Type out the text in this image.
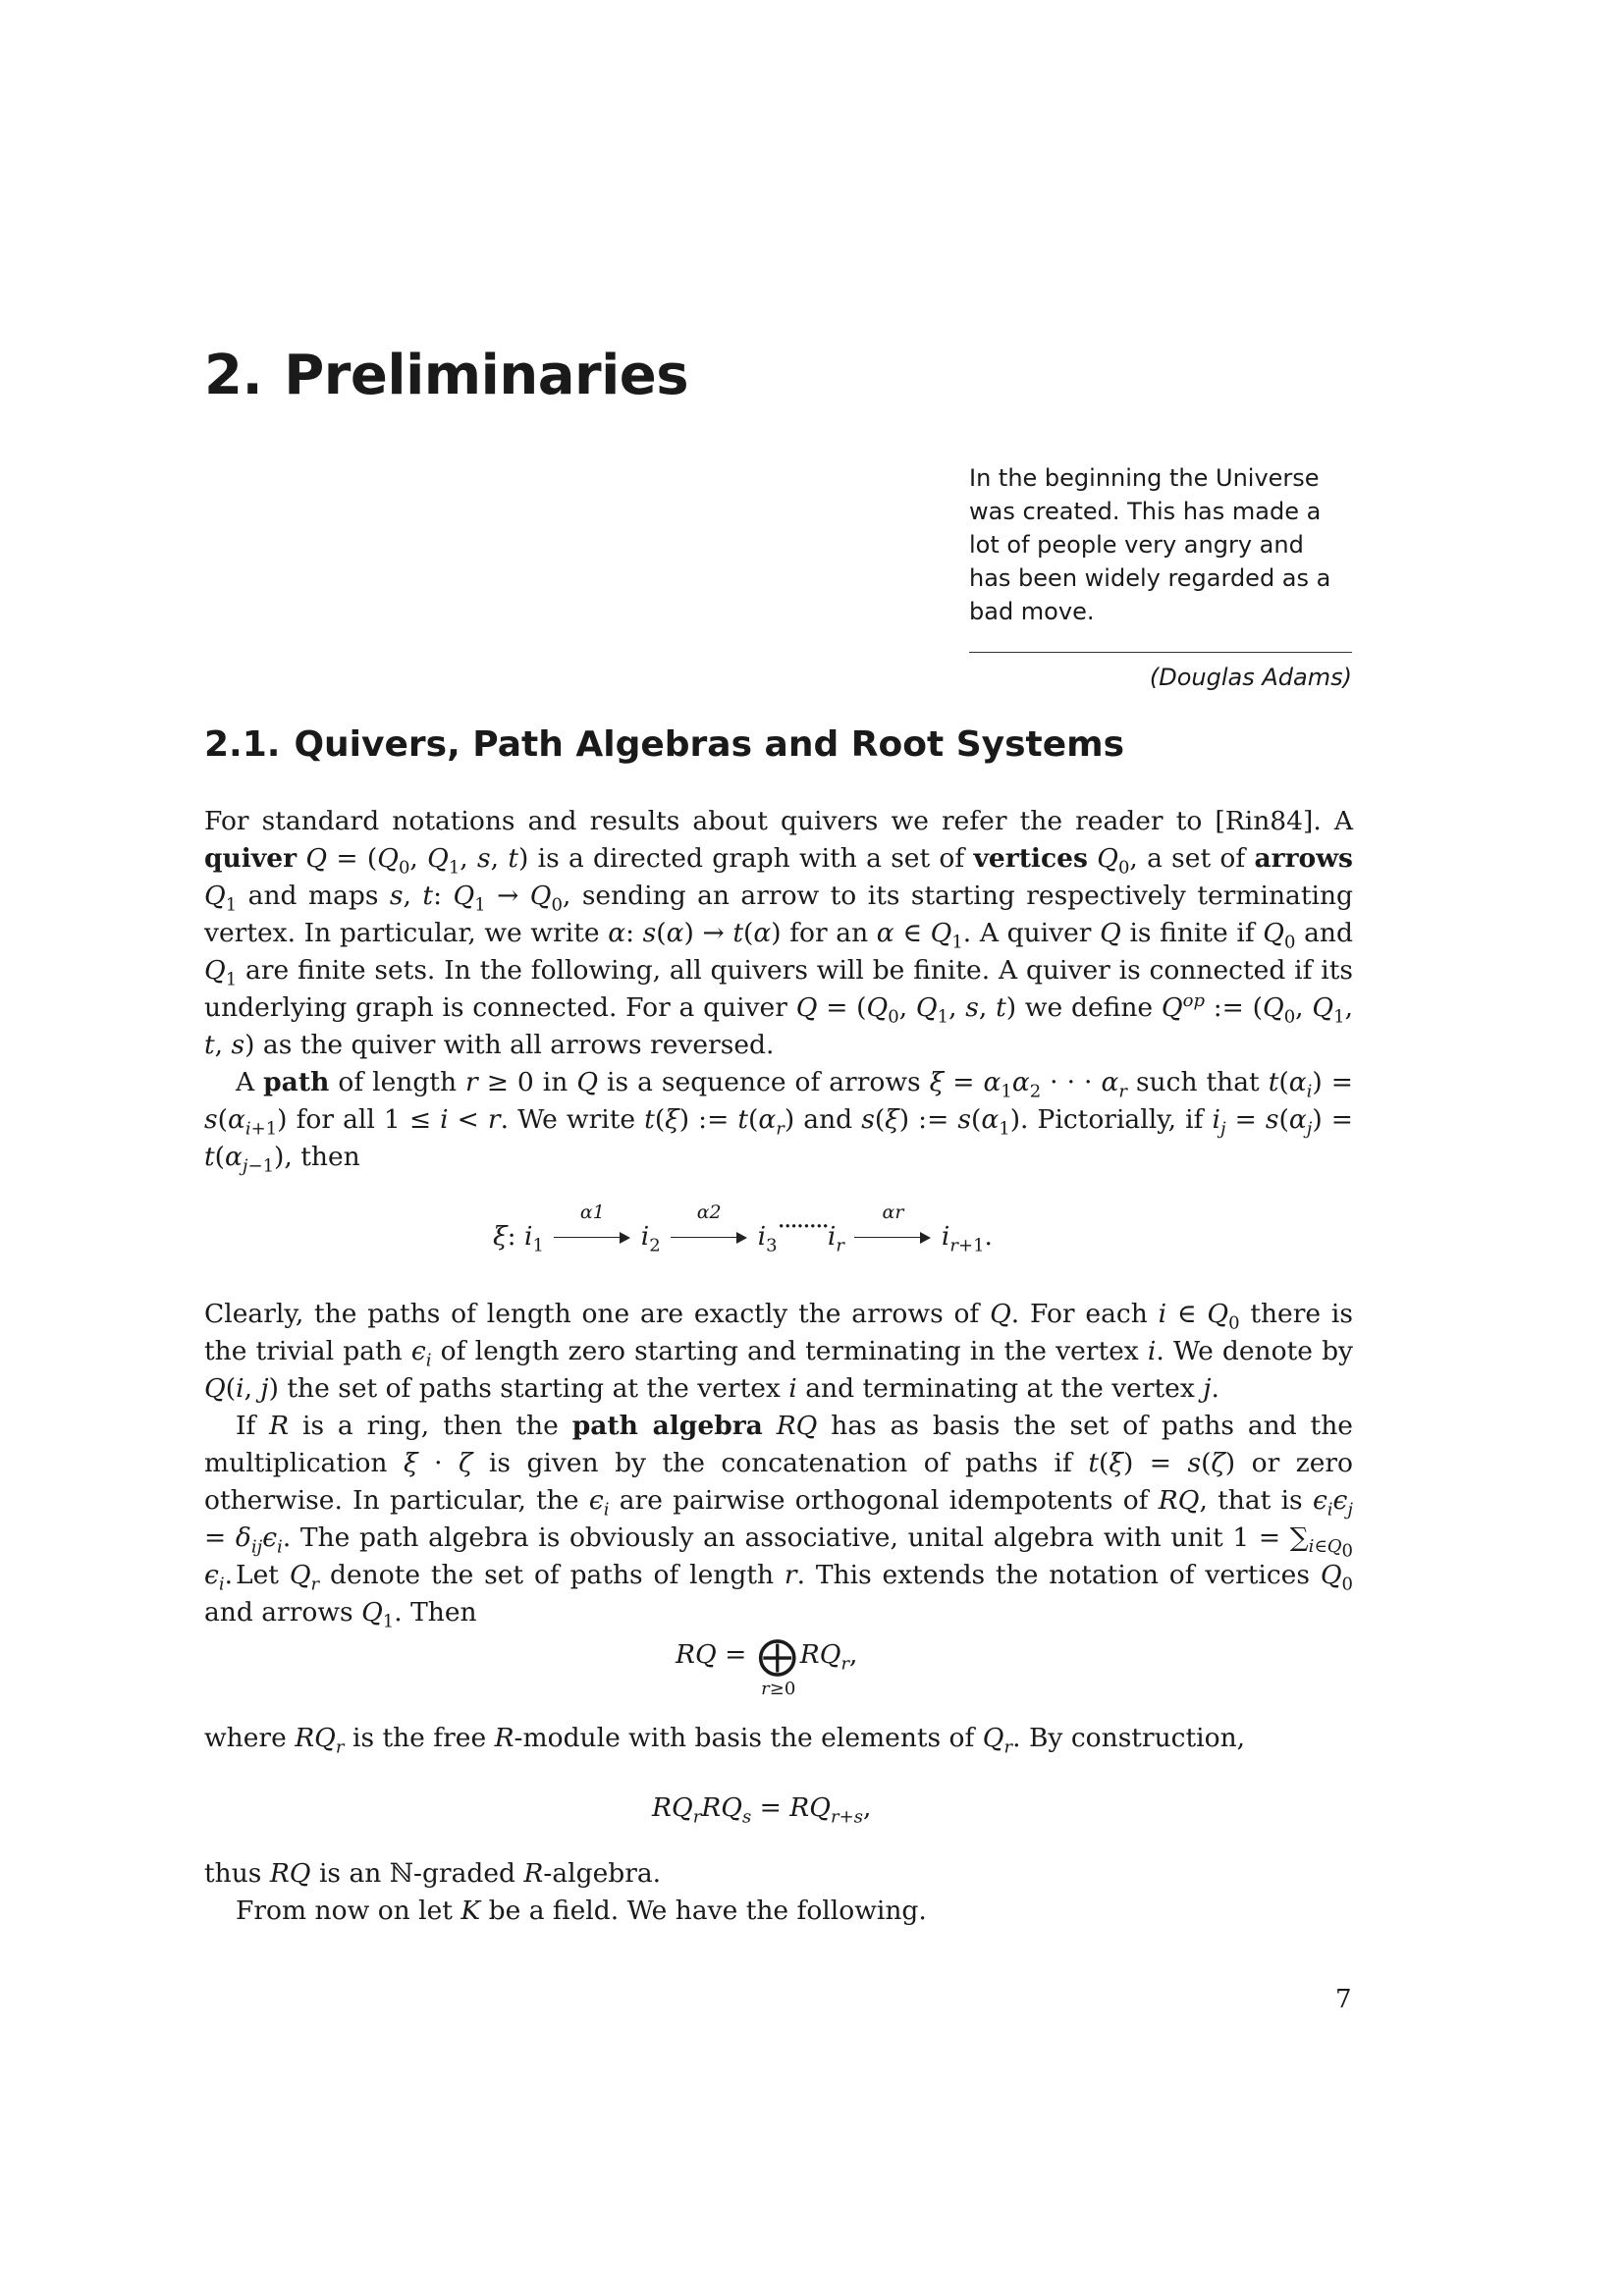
2. Preliminaries
In the beginning the Universe was created. This has made a lot of people very angry and has been widely regarded as a bad move.
(Douglas Adams)
2.1. Quivers, Path Algebras and Root Systems

For standard notations and results about quivers we refer the reader to [Rin84]. A quiver $Q = (Q_0$, $Q_1$, s, t) is a directed graph with a set of vertices $Q_0$, a set of arrows $Q_1$ and maps s, t: $Q_1 \to Q_0$, sending an arrow to its starting respectively terminating vertex. In particular, we write α: s(α) → t(α) for an α ∈ $Q_1$. A quiver Q is finite if $Q_0$ and $Q_1$ are finite sets. In the following, all quivers will be finite. A quiver is connected if its underlying graph is connected. For a quiver $Q = (Q_0$, $Q_1$, s, t) we define $Q^{op}$ := ($Q_0$, $Q_1$, t, s) as the quiver with all arrows reversed.

A path of length r ≥ 0 in Q is a sequence of arrows $\xi = \alpha_1\alpha_2$ · · · $\alpha_r$ such that $t(\alpha_i) = s(\alpha_{i+1})$ for all 1 ≤ i < r. We write t(ξ) := $t(\alpha_r)$ and s(ξ) := $s(\alpha_1)$. Pictorially, if $i_j = s(\alpha_j) = t(\alpha_{j-1})$, then

ξ: $i_1$
α1
$i_2$
α2
$i_3\cdot\cdot\cdot\cdot\cdot\cdot\cdot\cdot i_r$
αr
$i_{r+1}$.

Clearly, the paths of length one are exactly the arrows of Q. For each i ∈ $Q_0$ there is the trivial path $\epsilon_i$ of length zero starting and terminating in the vertex i. We denote by Q(i, j) the set of paths starting at the vertex i and terminating at the vertex j.

If R is a ring, then the path algebra RQ has as basis the set of paths and the multiplication ξ · ζ is given by the concatenation of paths if t(ξ) = s(ζ) or zero otherwise. In particular, the $\epsilon_i$ are pairwise orthogonal idempotents of RQ, that is $\epsilon_i\epsilon_j = \delta_{ij}\epsilon_i$. The path algebra is obviously an associative, unital algebra with unit $1 = \sum_{i\in Q_0}$ $\epsilon_i$. Let $Q_r$ denote the set of paths of length r. This extends the notation of vertices $Q_0$ and arrows $Q_1$. Then

RQ = ⨁
r≥0
$RQ_r$,

where $RQ_r$ is the free R-module with basis the elements of $Q_r$. By construction,

$RQ_rRQ_s = RQ_{r+s}$,

thus RQ is an ℕ-graded R-algebra.

From now on let K be a field. We have the following.

7
